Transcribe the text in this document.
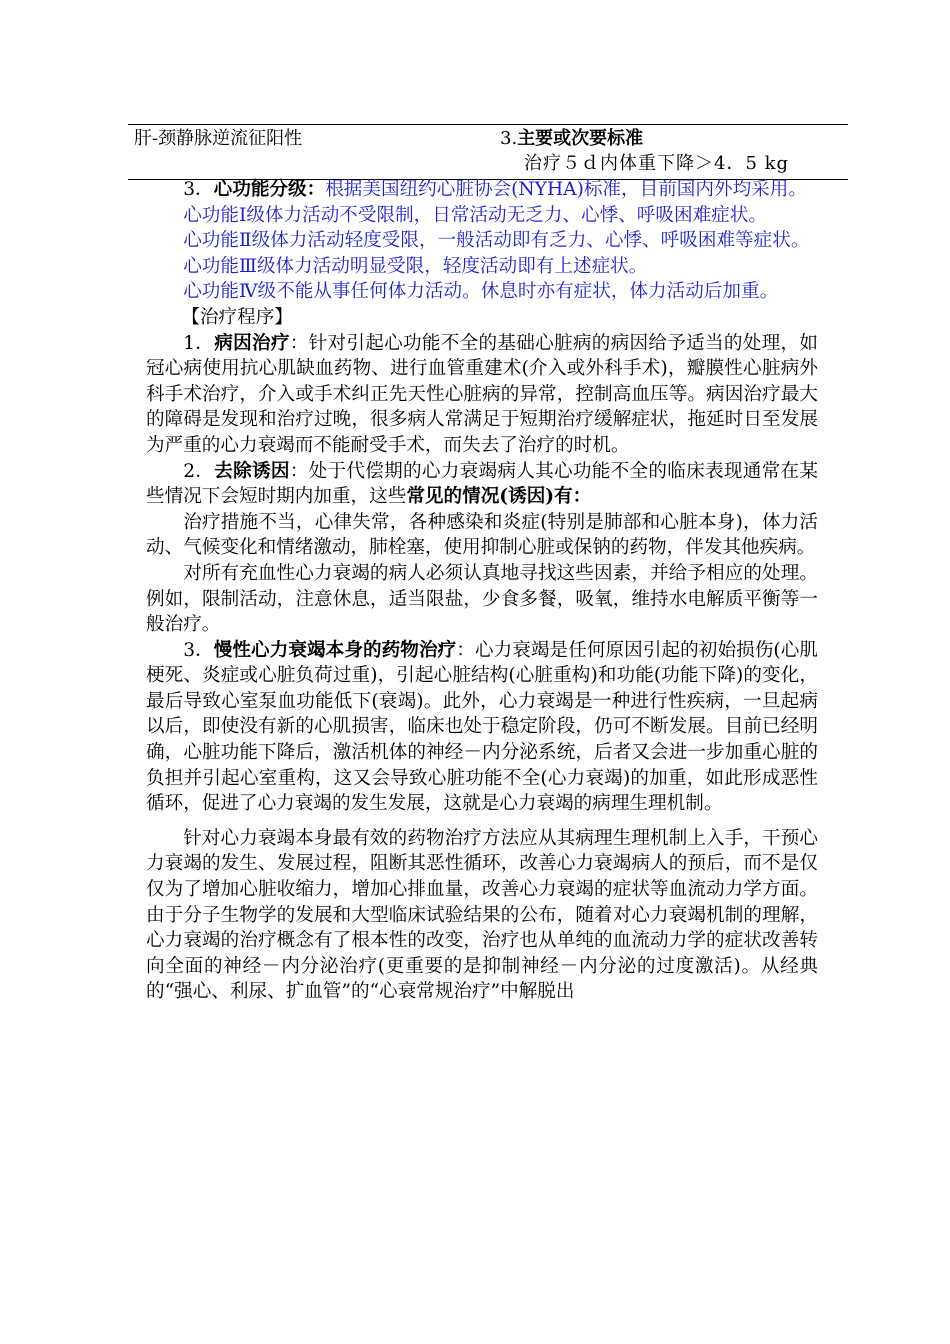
肝-颈静脉逆流征阳性	3.主要或次要标准
治疗５ｄ内体重下降＞4．5 kg

3．心功能分级：根据美国纽约心脏协会(NYHA)标准，目前国内外均采用。

心功能Ⅰ级体力活动不受限制，日常活动无乏力、心悸、呼吸困难症状。

心功能Ⅱ级体力活动轻度受限，一般活动即有乏力、心悸、呼吸困难等症状。

心功能Ⅲ级体力活动明显受限，轻度活动即有上述症状。

心功能Ⅳ级不能从事任何体力活动。休息时亦有症状，体力活动后加重。

【治疗程序】

1．病因治疗：针对引起心功能不全的基础心脏病的病因给予适当的处理，如冠心病使用抗心肌缺血药物、进行血管重建术(介入或外科手术)，瓣膜性心脏病外科手术治疗，介入或手术纠正先天性心脏病的异常，控制高血压等。病因治疗最大的障碍是发现和治疗过晚，很多病人常满足于短期治疗缓解症状，拖延时日至发展为严重的心力衰竭而不能耐受手术，而失去了治疗的时机。

2．去除诱因：处于代偿期的心力衰竭病人其心功能不全的临床表现通常在某些情况下会短时期内加重，这些常见的情况(诱因)有：

治疗措施不当，心律失常，各种感染和炎症(特别是肺部和心脏本身)，体力活动、气候变化和情绪激动，肺栓塞，使用抑制心脏或保钠的药物，伴发其他疾病。

对所有充血性心力衰竭的病人必须认真地寻找这些因素，并给予相应的处理。例如，限制活动，注意休息，适当限盐，少食多餐，吸氧，维持水电解质平衡等一般治疗。

3．慢性心力衰竭本身的药物治疗：心力衰竭是任何原因引起的初始损伤(心肌梗死、炎症或心脏负荷过重)，引起心脏结构(心脏重构)和功能(功能下降)的变化，最后导致心室泵血功能低下(衰竭)。此外，心力衰竭是一种进行性疾病，一旦起病以后，即使没有新的心肌损害，临床也处于稳定阶段，仍可不断发展。目前已经明确，心脏功能下降后，激活机体的神经－内分泌系统，后者又会进一步加重心脏的负担并引起心室重构，这又会导致心脏功能不全(心力衰竭)的加重，如此形成恶性循环，促进了心力衰竭的发生发展，这就是心力衰竭的病理生理机制。

针对心力衰竭本身最有效的药物治疗方法应从其病理生理机制上入手，干预心力衰竭的发生、发展过程，阻断其恶性循环，改善心力衰竭病人的预后，而不是仅仅为了增加心脏收缩力，增加心排血量，改善心力衰竭的症状等血流动力学方面。由于分子生物学的发展和大型临床试验结果的公布，随着对心力衰竭机制的理解，心力衰竭的治疗概念有了根本性的改变，治疗也从单纯的血流动力学的症状改善转向全面的神经－内分泌治疗(更重要的是抑制神经－内分泌的过度激活)。从经典的“强心、利尿、扩血管”的“心衰常规治疗”中解脱出
